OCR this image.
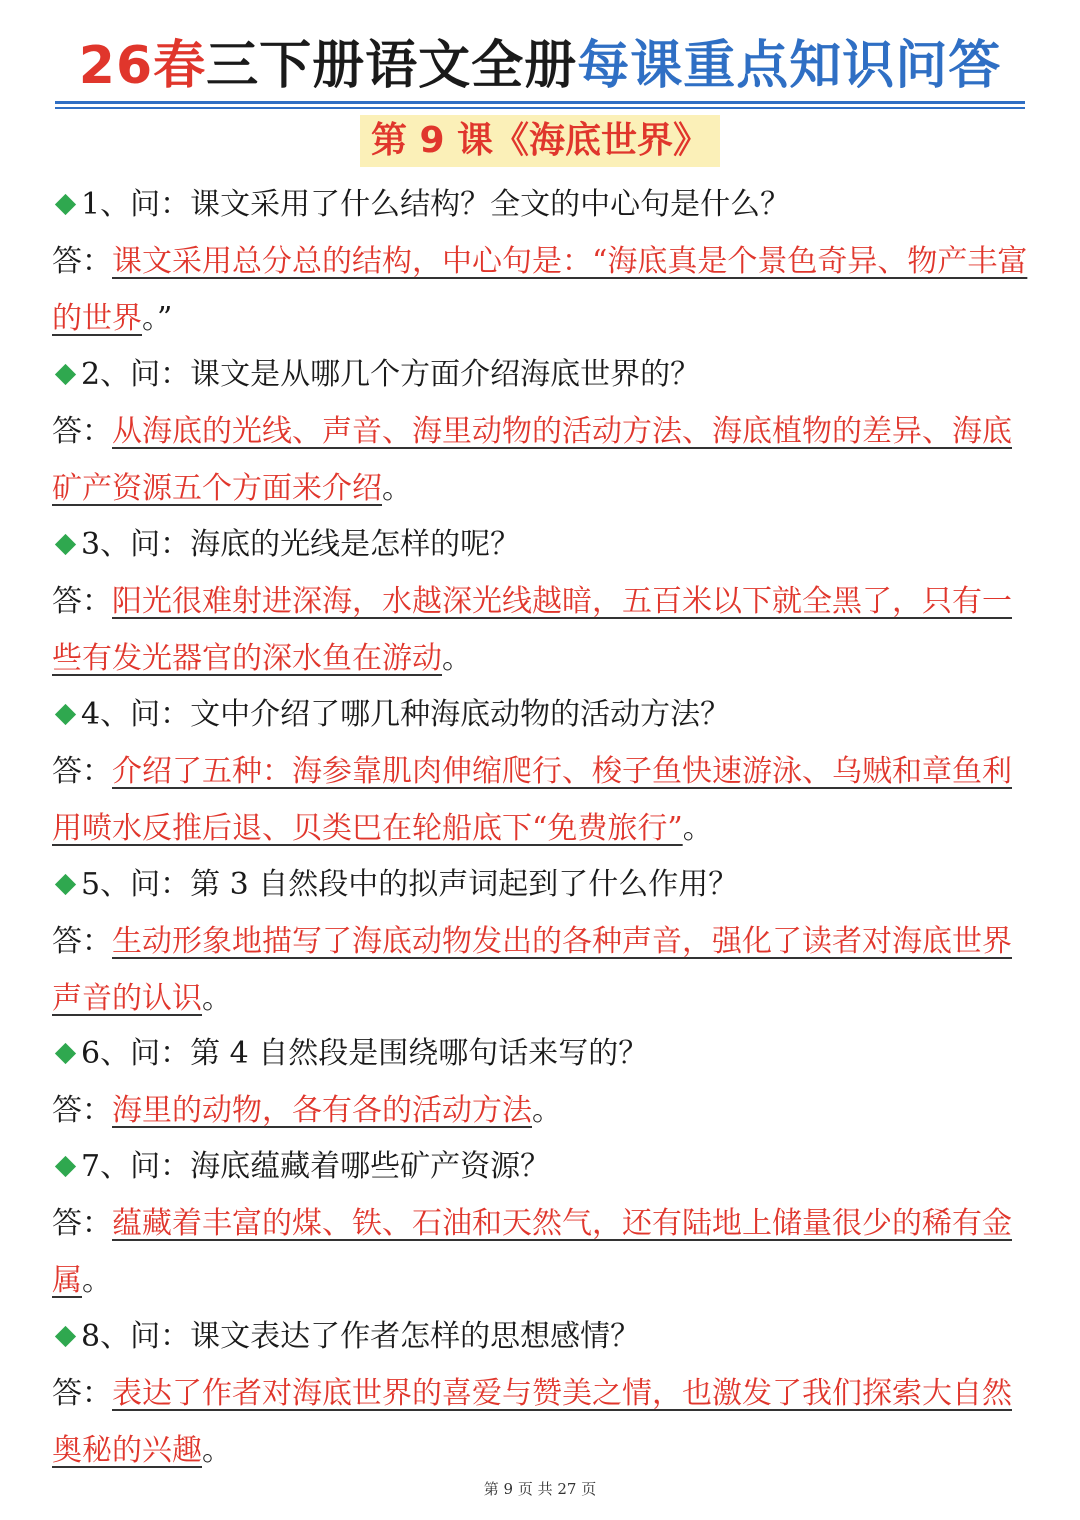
26春三下册语文全册每课重点知识问答
第 9 课《海底世界》
1、问：课文采用了什么结构？全文的中心句是什么？
答：课文采用总分总的结构，中心句是：“海底真是个景色奇异、物产丰富的世界。”
2、问：课文是从哪几个方面介绍海底世界的？
答：从海底的光线、声音、海里动物的活动方法、海底植物的差异、海底矿产资源五个方面来介绍。
3、问：海底的光线是怎样的呢？
答：阳光很难射进深海，水越深光线越暗，五百米以下就全黑了，只有一些有发光器官的深水鱼在游动。
4、问：文中介绍了哪几种海底动物的活动方法？
答：介绍了五种：海参靠肌肉伸缩爬行、梭子鱼快速游泳、乌贼和章鱼利用喷水反推后退、贝类巴在轮船底下“免费旅行”。
5、问：第 3 自然段中的拟声词起到了什么作用？
答：生动形象地描写了海底动物发出的各种声音，强化了读者对海底世界声音的认识。
6、问：第 4 自然段是围绕哪句话来写的？
答：海里的动物，各有各的活动方法。
7、问：海底蕴藏着哪些矿产资源？
答：蕴藏着丰富的煤、铁、石油和天然气，还有陆地上储量很少的稀有金属。
8、问：课文表达了作者怎样的思想感情？
答：表达了作者对海底世界的喜爱与赞美之情，也激发了我们探索大自然奥秘的兴趣。
第 9 页 共 27 页
